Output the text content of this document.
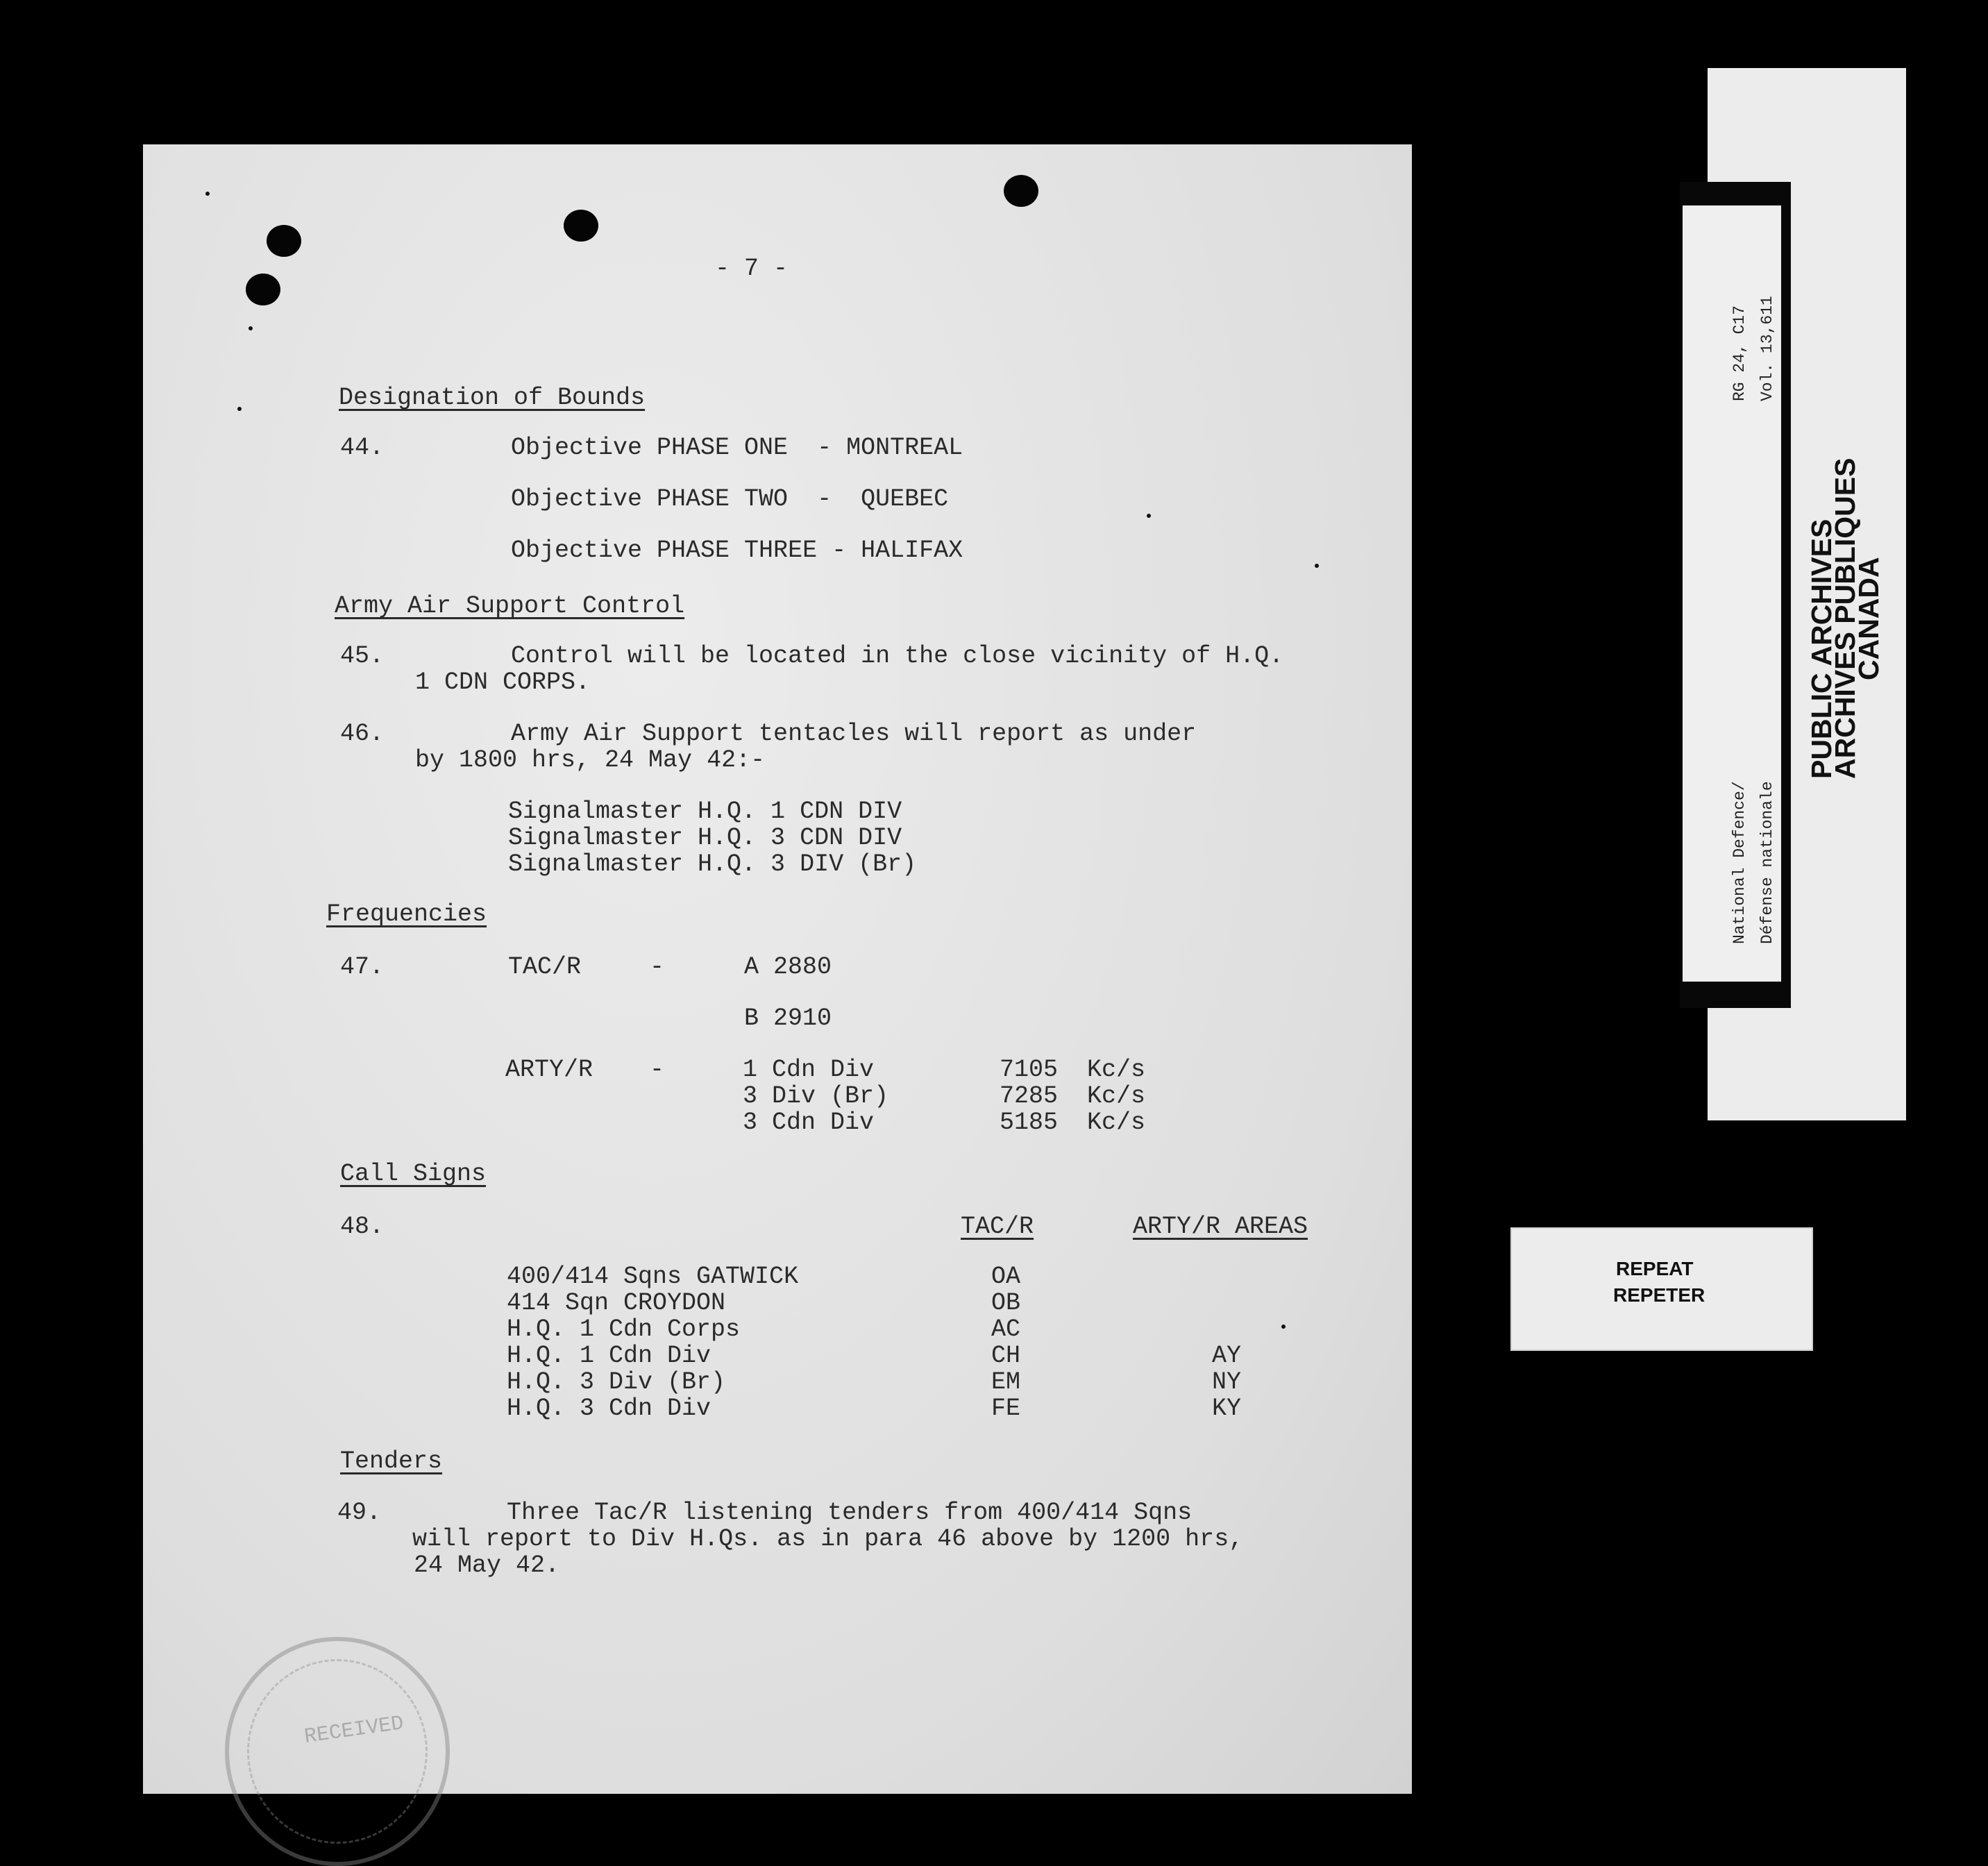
- 7 -
Designation of Bounds
44.	Objective PHASE ONE  - MONTREAL
Objective PHASE TWO  -  QUEBEC
Objective PHASE THREE - HALIFAX
Army Air Support Control
45.	Control will be located in the close vicinity of H.Q.
1 CDN CORPS.
46.	Army Air Support tentacles will report as under
by 1800 hrs, 24 May 42:-
Signalmaster H.Q. 1 CDN DIV
Signalmaster H.Q. 3 CDN DIV
Signalmaster H.Q. 3 DIV (Br)
Frequencies
47.	TAC/R	-	A 2880
B 2910
ARTY/R -	1 Cdn Div	7105 Kc/s
3 Div (Br)	7285 Kc/s
3 Cdn Div	5185 Kc/s
Call Signs
48.	TAC/R	ARTY/R AREAS
400/414 Sqns GATWICK	OA
414 Sqn CROYDON	OB
H.Q. 1 Cdn Corps	AC
H.Q. 1 Cdn Div	CH	AY
H.Q. 3 Div (Br)	EM	NY
H.Q. 3 Cdn Div	FE	KY
Tenders
49.	Three Tac/R listening tenders from 400/414 Sqns
will report to Div H.Qs. as in para 46 above by 1200 hrs,
24 May 42.
RECEIVED
RG 24, C17 Vol. 13,611
National Defence/ Défense nationale
PUBLIC ARCHIVES
ARCHIVES PUBLIQUES
CANADA
REPEAT
REPETER
